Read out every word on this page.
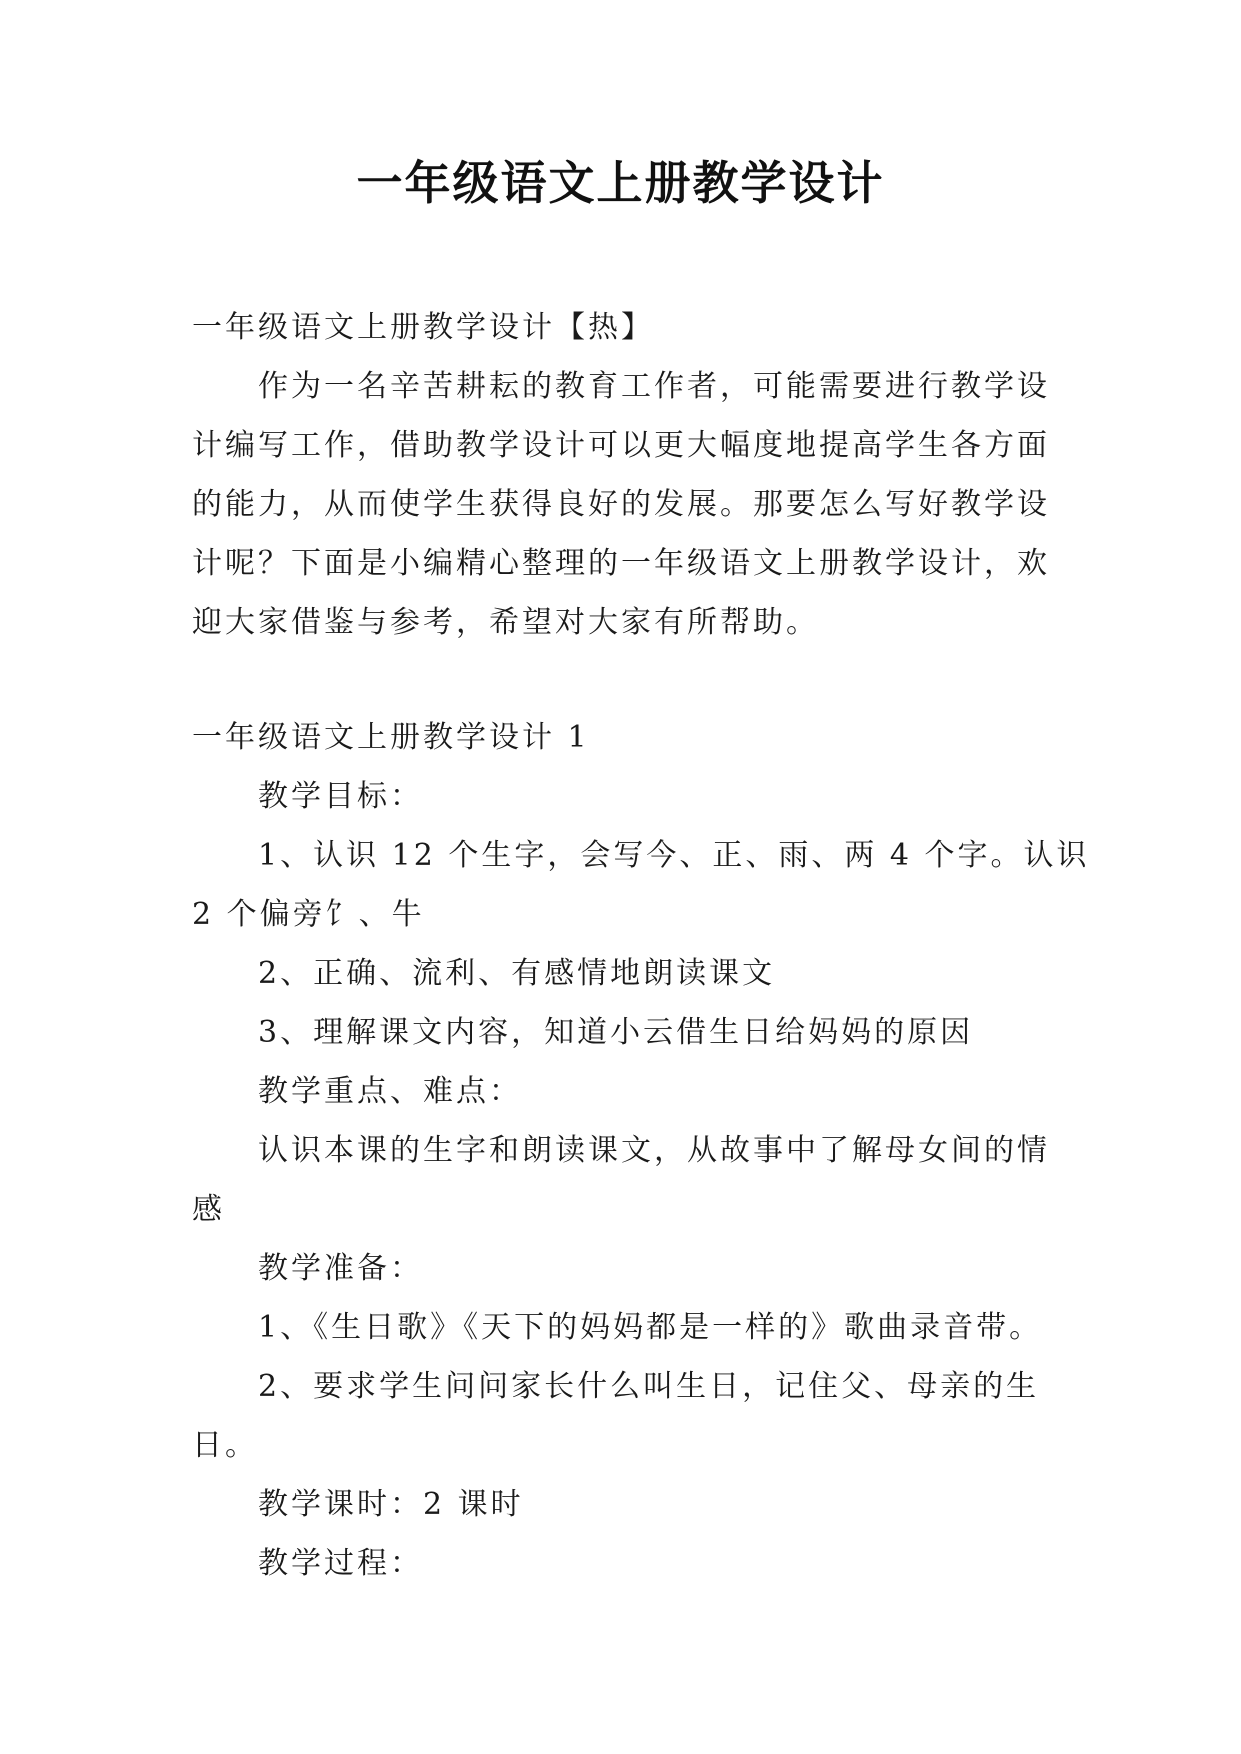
一年级语文上册教学设计
一年级语文上册教学设计【热】
作为一名辛苦耕耘的教育工作者，可能需要进行教学设
计编写工作，借助教学设计可以更大幅度地提高学生各方面
的能力，从而使学生获得良好的发展。那要怎么写好教学设
计呢？下面是小编精心整理的一年级语文上册教学设计，欢
迎大家借鉴与参考，希望对大家有所帮助。
一年级语文上册教学设计 1
教学目标：
1、认识 12 个生字，会写今、正、雨、两 4 个字。认识
2 个偏旁饣、牛
2、正确、流利、有感情地朗读课文
3、理解课文内容，知道小云借生日给妈妈的原因
教学重点、难点：
认识本课的生字和朗读课文，从故事中了解母女间的情
感
教学准备：
1、《生日歌》《天下的妈妈都是一样的》歌曲录音带。
2、要求学生问问家长什么叫生日，记住父、母亲的生
日。
教学课时：2 课时
教学过程：
